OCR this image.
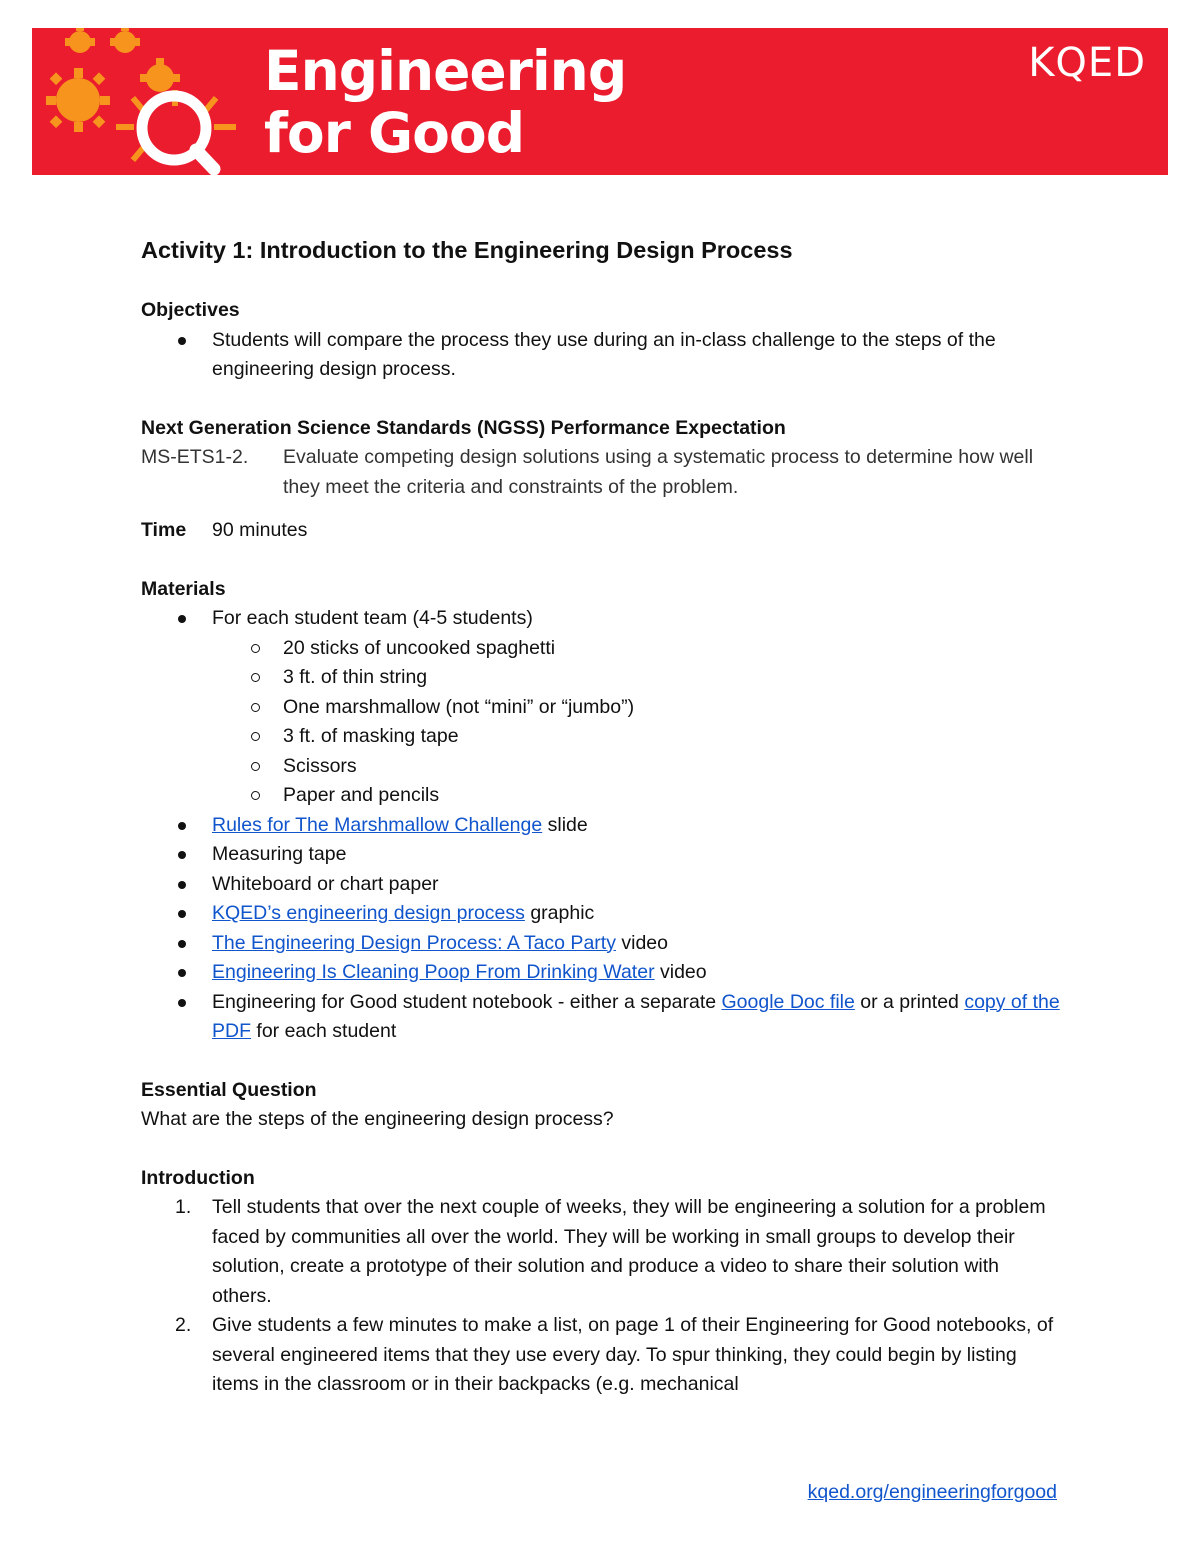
Engineering
for Good
KQED
Activity 1: Introduction to the Engineering Design Process

Objectives

Students will compare the process they use during an in-class challenge to the steps of the engineering design process.

Next Generation Science Standards (NGSS) Performance Expectation

MS-ETS1-2.	Evaluate competing design solutions using a systematic process to determine how well they meet the criteria and constraints of the problem.
Time	90 minutes

Materials

For each student team (4-5 students)
20 sticks of uncooked spaghetti
3 ft. of thin string
One marshmallow (not “mini” or “jumbo”)
3 ft. of masking tape
Scissors
Paper and pencils
Rules for The Marshmallow Challenge slide
Measuring tape
Whiteboard or chart paper
KQED’s engineering design process graphic
The Engineering Design Process: A Taco Party video
Engineering Is Cleaning Poop From Drinking Water video
Engineering for Good student notebook - either a separate Google Doc file or a printed copy of the PDF for each student

Essential Question

What are the steps of the engineering design process?

Introduction

1. Tell students that over the next couple of weeks, they will be engineering a solution for a problem faced by communities all over the world. They will be working in small groups to develop their solution, create a prototype of their solution and produce a video to share their solution with others.
2. Give students a few minutes to make a list, on page 1 of their Engineering for Good notebooks, of several engineered items that they use every day. To spur thinking, they could begin by listing items in the classroom or in their backpacks (e.g. mechanical
kqed.org/engineeringforgood
